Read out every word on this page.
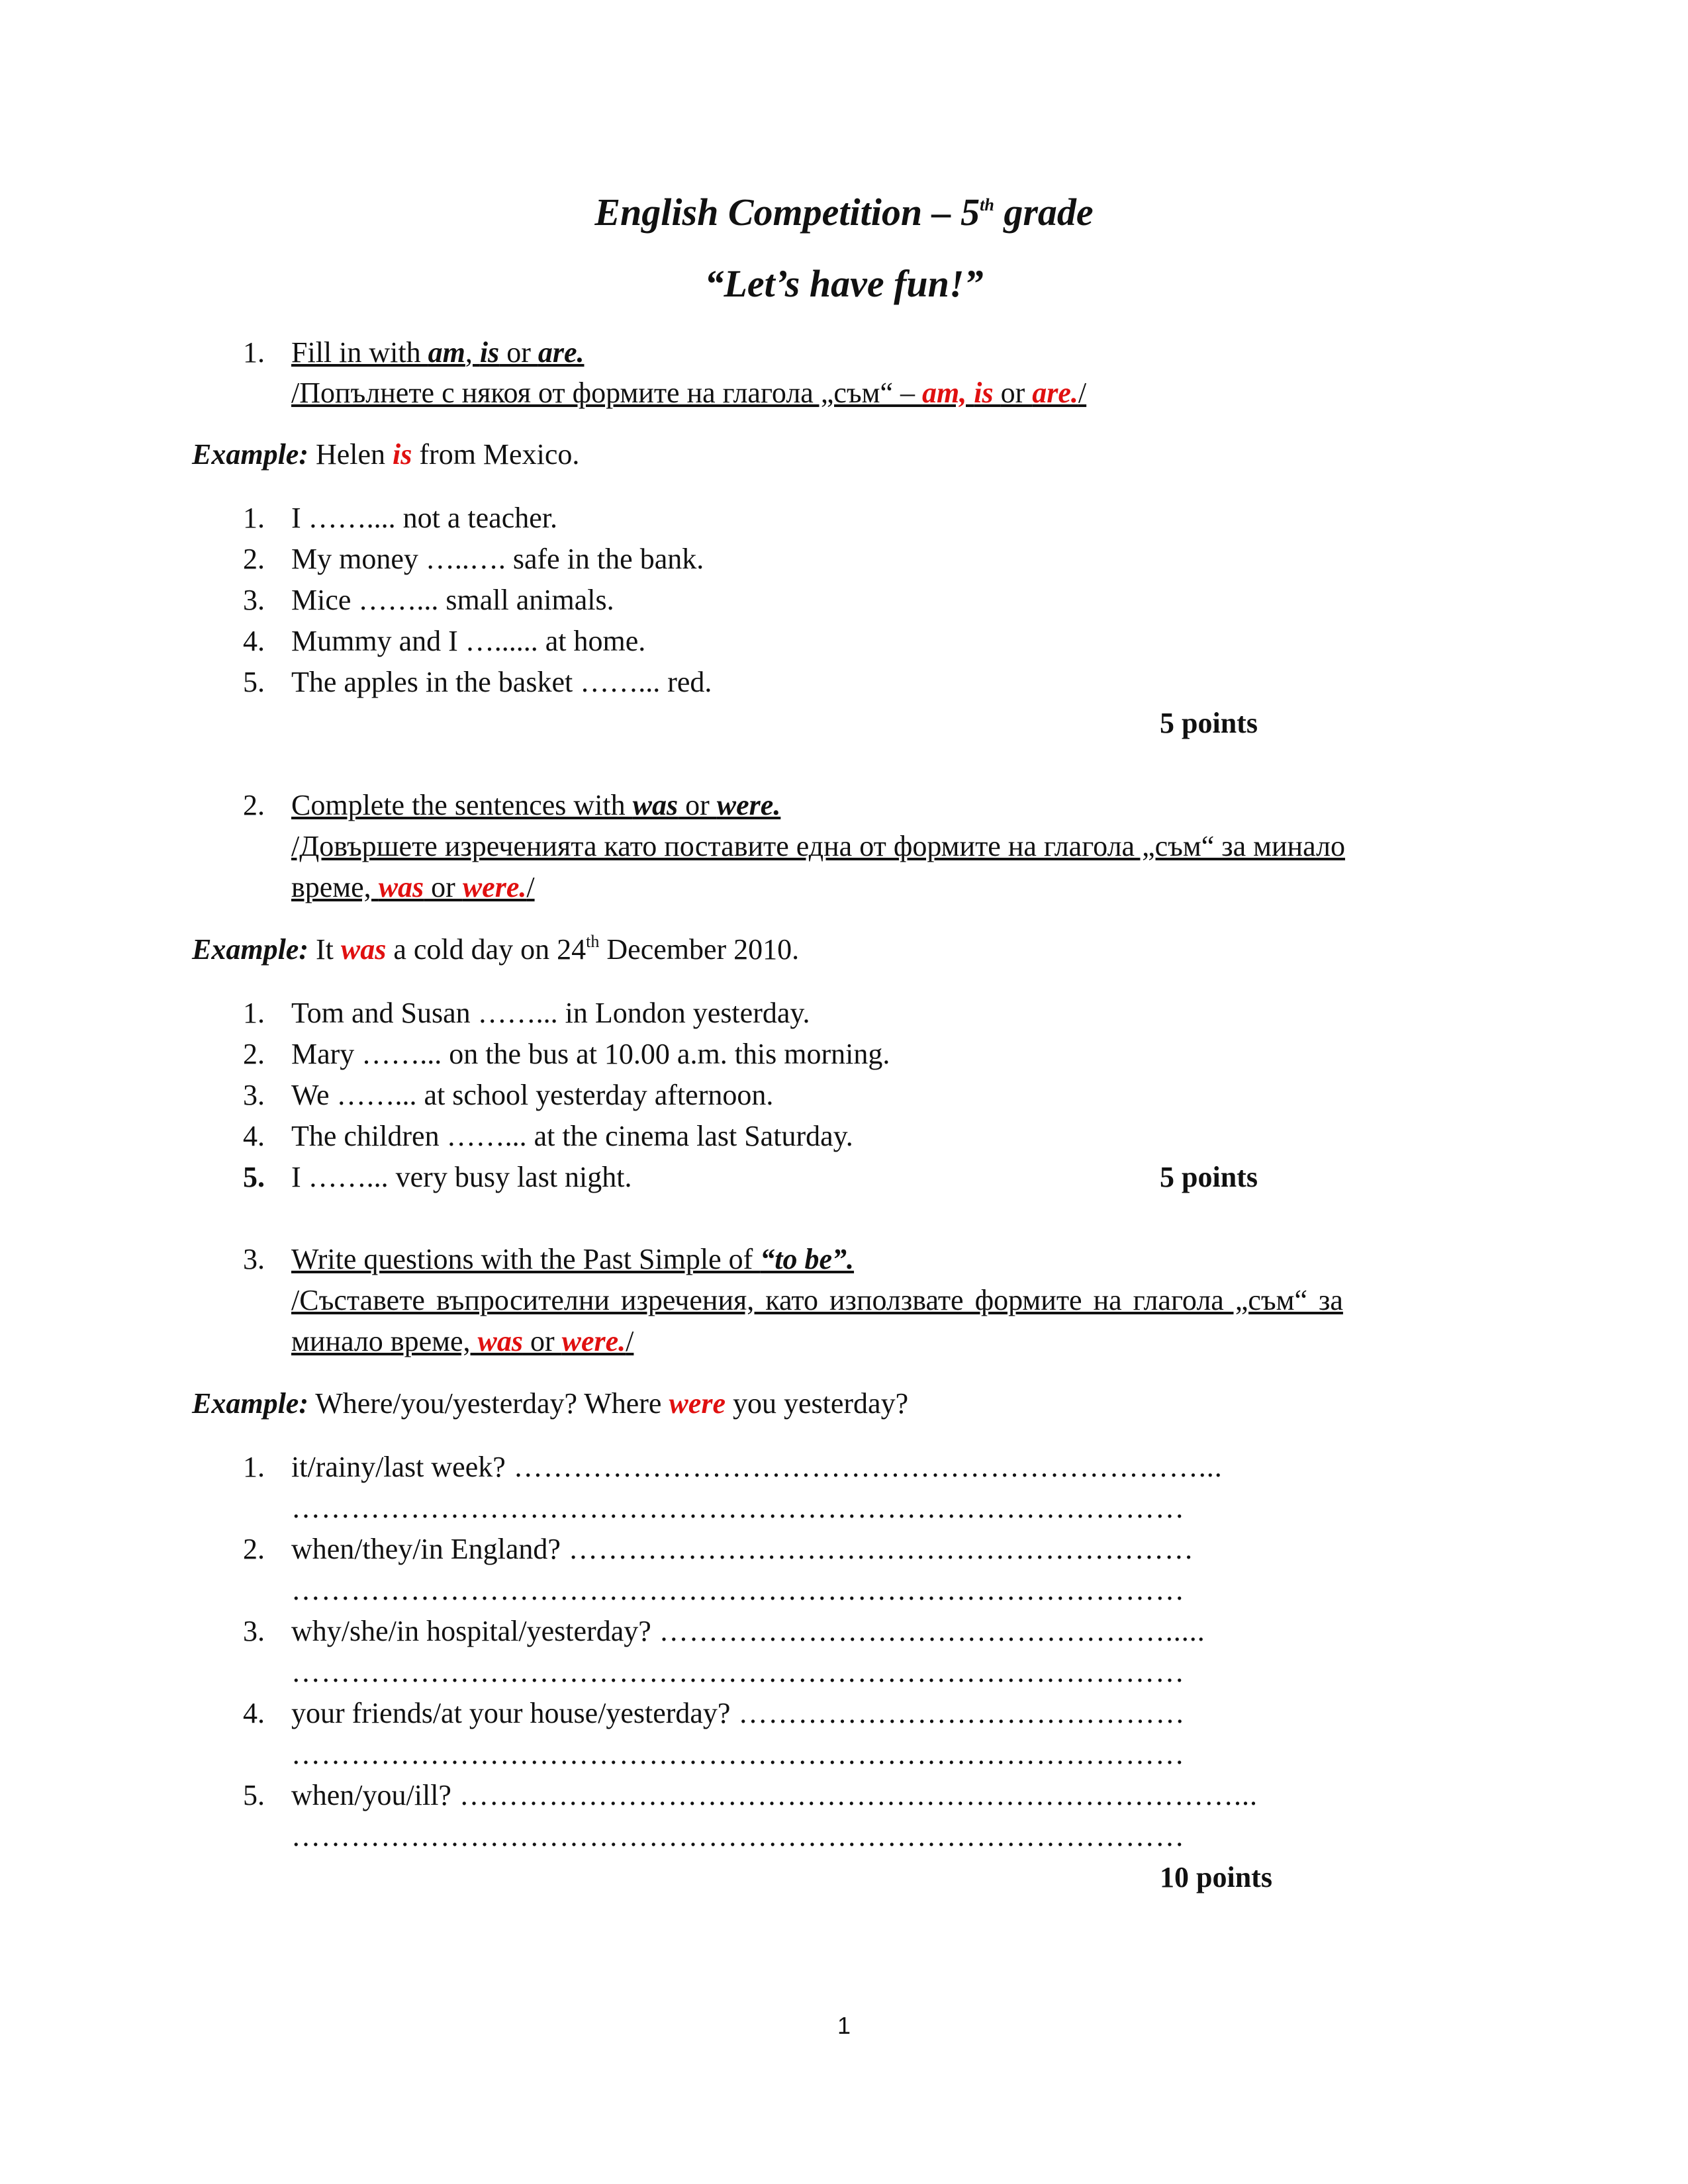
English Competition – 5th grade
“Let’s have fun!”
1. Fill in with am, is or are.
/Попълнете с някоя от формите на глагола „съм“ – am, is or are./
Example: Helen is from Mexico.
1. I …….... not a teacher.
2. My money …..…. safe in the bank.
3. Mice ……... small animals.
4. Mummy and I …...... at home.
5. The apples in the basket ……... red.
5 points
2. Complete the sentences with was or were.
/Довършете изреченията като поставите една от формите на глагола „съм“ за минало
време, was or were./
Example: It was a cold day on 24th December 2010.
1. Tom and Susan ……... in London yesterday.
2. Mary ……... on the bus at 10.00 a.m. this morning.
3. We ……... at school yesterday afternoon.
4. The children ……... at the cinema last Saturday.
5. I ……... very busy last night.	5 points
3. Write questions with the Past Simple of “to be”.
/Съставете въпросителни изречения, като използвате формите на глагола „съм“ за
минало време, was or were./
Example: Where/you/yesterday? Where were you yesterday?
1. it/rainy/last week? ……………………………………………………………...
………………………………………………………………………………
2. when/they/in England? ………………………………………………………
………………………………………………………………………………
3. why/she/in hospital/yesterday? …………………………………………….....
………………………………………………………………………………
4. your friends/at your house/yesterday? ………………………………………
………………………………………………………………………………
5. when/you/ill? ……………………………………………………………………...
………………………………………………………………………………
10 points
1
